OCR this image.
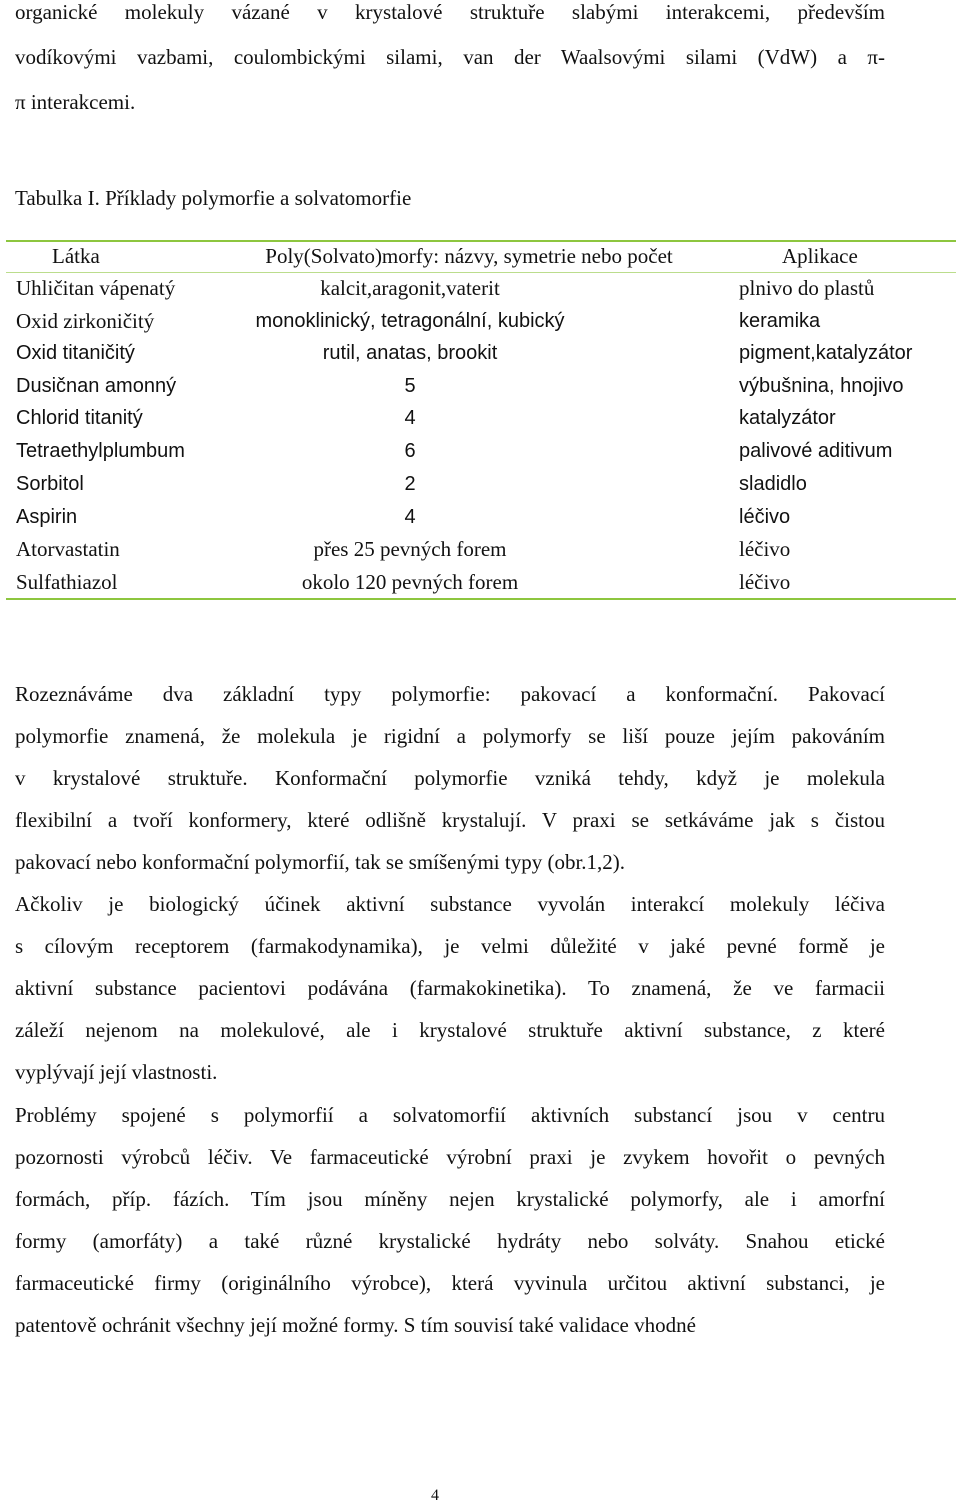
organické molekuly vázané v krystalové struktuře slabými interakcemi, především
vodíkovými vazbami, coulombickými silami, van der Waalsovými silami (VdW) a π-
π interakcemi.
Tabulka I. Příklady polymorfie a solvatomorfie
Látka	Poly(Solvato)morfy: názvy, symetrie nebo počet	Aplikace
Uhličitan vápenatý	kalcit,aragonit,vaterit	plnivo do plastů
Oxid zirkoničitý	monoklinický, tetragonální, kubický	keramika
Oxid titaničitý	rutil, anatas, brookit	pigment,katalyzátor
Dusičnan amonný	5	výbušnina, hnojivo
Chlorid titanitý	4	katalyzátor
Tetraethylplumbum	6	palivové aditivum
Sorbitol	2	sladidlo
Aspirin	4	léčivo
Atorvastatin	přes 25 pevných forem	léčivo
Sulfathiazol	okolo 120 pevných forem	léčivo
Rozeznáváme dva základní typy polymorfie: pakovací a konformační. Pakovací
polymorfie znamená, že molekula je rigidní a polymorfy se liší pouze jejím pakováním
v krystalové struktuře. Konformační polymorfie vzniká tehdy, když je molekula
flexibilní a tvoří konformery, které odlišně krystalují. V praxi se setkáváme jak s čistou
pakovací nebo konformační polymorfií, tak se smíšenými typy (obr.1,2).
Ačkoliv je biologický účinek aktivní substance vyvolán interakcí molekuly léčiva
s cílovým receptorem (farmakodynamika), je velmi důležité v jaké pevné formě je
aktivní substance pacientovi podávána (farmakokinetika). To znamená, že ve farmacii
záleží nejenom na molekulové, ale i krystalové struktuře aktivní substance, z které
vyplývají její vlastnosti.
Problémy spojené s polymorfií a solvatomorfií aktivních substancí jsou v centru
pozornosti výrobců léčiv. Ve farmaceutické výrobní praxi je zvykem hovořit o pevných
formách, příp. fázích. Tím jsou míněny nejen krystalické polymorfy, ale i amorfní
formy (amorfáty) a také různé krystalické hydráty nebo solváty. Snahou etické
farmaceutické firmy (originálního výrobce), která vyvinula určitou aktivní substanci, je
patentově ochránit všechny její možné formy. S tím souvisí také validace vhodné
4
